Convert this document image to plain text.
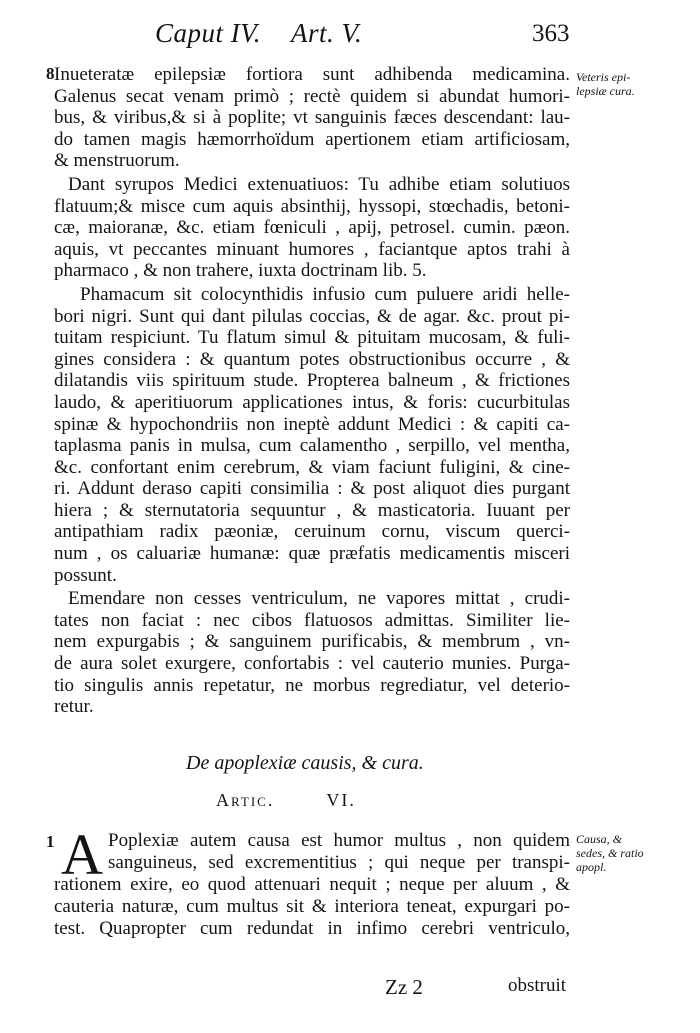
Caput IV. Art. V.	363
8	Veteris epi-
lepsiæ cura.
Inueteratæ epilepsiæ fortiora sunt adhibenda medicamina.
Galenus secat venam primò ; rectè quidem si abundat humori-
bus, & viribus,& si à poplite; vt sanguinis fæces descendant: lau-
do tamen magis hæmorrhoïdum apertionem etiam artificiosam,
& menstruorum.
Dant syrupos Medici extenuatiuos: Tu adhibe etiam solutiuos
flatuum;& misce cum aquis absinthij, hyssopi, stœchadis, betoni-
cæ, maioranæ, &c. etiam fœniculi , apij, petrosel. cumin. pæon.
aquis, vt peccantes minuant humores , faciantque aptos trahi à
pharmaco , & non trahere, iuxta doctrinam lib. 5.
Phamacum sit colocynthidis infusio cum puluere aridi helle-
bori nigri. Sunt qui dant pilulas coccias, & de agar. &c. prout pi-
tuitam respiciunt. Tu flatum simul & pituitam mucosam, & fuli-
gines considera : & quantum potes obstructionibus occurre , &
dilatandis viis spirituum stude. Propterea balneum , & frictiones
laudo, & aperitiuorum applicationes intus, & foris: cucurbitulas
spinæ & hypochondriis non ineptè addunt Medici : & capiti ca-
taplasma panis in mulsa, cum calamentho , serpillo, vel mentha,
&c. confortant enim cerebrum, & viam faciunt fuligini, & cine-
ri. Addunt deraso capiti consimilia : & post aliquot dies purgant
hiera ; & sternutatoria sequuntur , & masticatoria. Iuuant per
antipathiam radix pæoniæ, ceruinum cornu, viscum querci-
num , os caluariæ humanæ: quæ præfatis medicamentis misceri
possunt.
Emendare non cesses ventriculum, ne vapores mittat , crudi-
tates non faciat : nec cibos flatuosos admittas. Similiter lie-
nem expurgabis ; & sanguinem purificabis, & membrum , vn-
de aura solet exurgere, confortabis : vel cauterio munies. Purga-
tio singulis annis repetatur, ne morbus regrediatur, vel deterio-
retur.
De apoplexiæ causis, & cura.
Artic.	VI.
1	Causa, &
sedes, & ratio
apopl.
A Poplexiæ autem causa est humor multus , non quidem
sanguineus, sed excrementitius ; qui neque per transpi-
rationem exire, eo quod attenuari nequit ; neque per aluum , &
cauteria naturæ, cum multus sit & interiora teneat, expurgari po-
test. Quapropter cum redundat in infimo cerebri ventriculo,
Zz 2	obstruit
